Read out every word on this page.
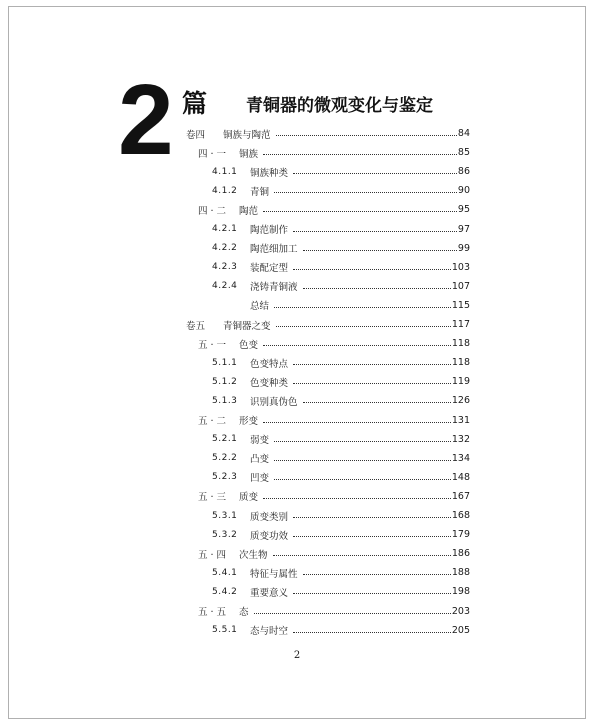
2 篇 青铜器的微观变化与鉴定
卷四	铜族与陶范	84
四 · 一	铜族	85
4.1.1	铜族种类	86
4.1.2	青铜	90
四 · 二	陶范	95
4.2.1	陶范制作	97
4.2.2	陶范细加工	99
4.2.3	装配定型	103
4.2.4	浇铸青铜液	107
总结	115
卷五	青铜器之变	117
五 · 一	色变	118
5.1.1	色变特点	118
5.1.2	色变种类	119
5.1.3	识别真伪色	126
五 · 二	形变	131
5.2.1	弱变	132
5.2.2	凸变	134
5.2.3	凹变	148
五 · 三	质变	167
5.3.1	质变类别	168
5.3.2	质变功效	179
五 · 四	次生物	186
5.4.1	特征与属性	188
5.4.2	重要意义	198
五 · 五	态	203
5.5.1	态与时空	205
2
